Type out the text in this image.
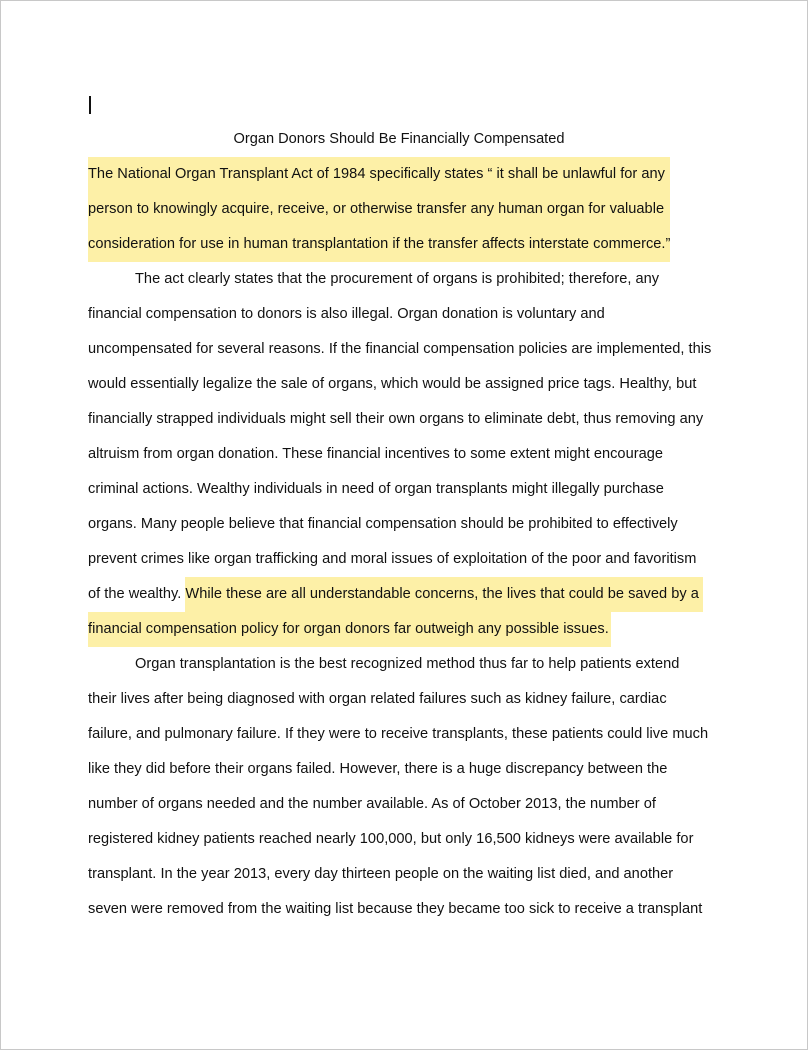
Organ Donors Should Be Financially Compensated
The National Organ Transplant Act of 1984 specifically states “ it shall be unlawful for any
person to knowingly acquire, receive, or otherwise transfer any human organ for valuable
consideration for use in human transplantation if the transfer affects interstate commerce.”
The act clearly states that the procurement of organs is prohibited; therefore, any
financial compensation to donors is also illegal. Organ donation is voluntary and
uncompensated for several reasons. If the financial compensation policies are implemented, this
would essentially legalize the sale of organs, which would be assigned price tags. Healthy, but
financially strapped individuals might sell their own organs to eliminate debt, thus removing any
altruism from organ donation. These financial incentives to some extent might encourage
criminal actions. Wealthy individuals in need of organ transplants might illegally purchase
organs. Many people believe that financial compensation should be prohibited to effectively
prevent crimes like organ trafficking and moral issues of exploitation of the poor and favoritism
of the wealthy. While these are all understandable concerns, the lives that could be saved by a
financial compensation policy for organ donors far outweigh any possible issues.
Organ transplantation is the best recognized method thus far to help patients extend
their lives after being diagnosed with organ related failures such as kidney failure, cardiac
failure, and pulmonary failure. If they were to receive transplants, these patients could live much
like they did before their organs failed. However, there is a huge discrepancy between the
number of organs needed and the number available. As of October 2013, the number of
registered kidney patients reached nearly 100,000, but only 16,500 kidneys were available for
transplant. In the year 2013, every day thirteen people on the waiting list died, and another
seven were removed from the waiting list because they became too sick to receive a transplant
